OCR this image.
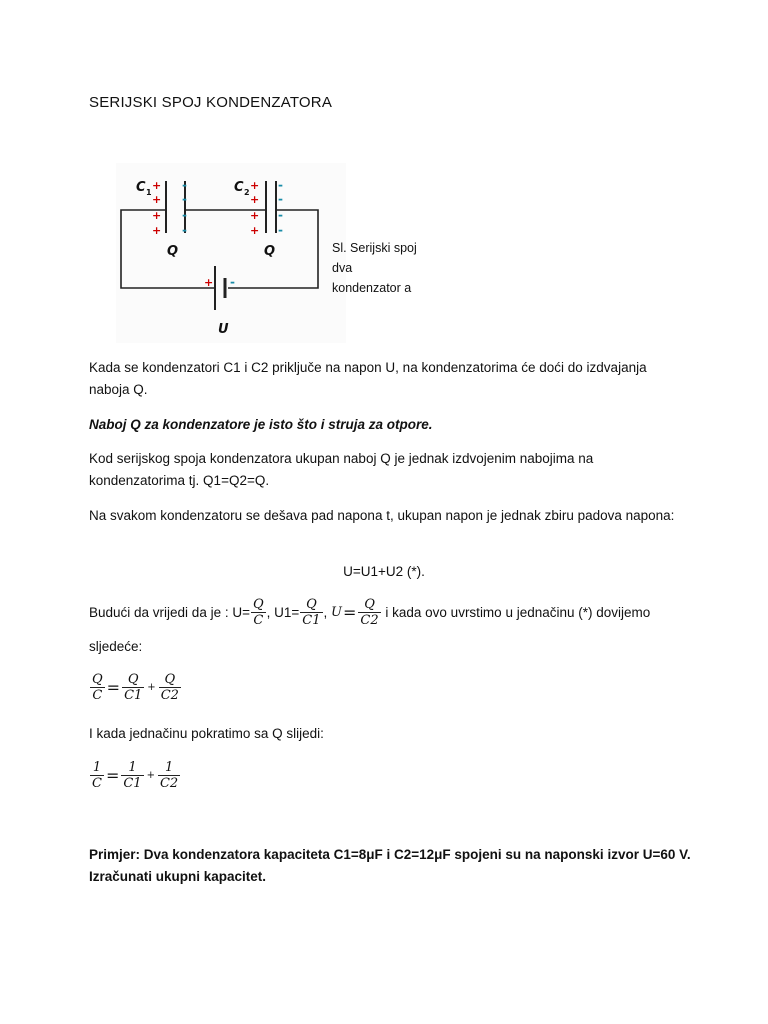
SERIJSKI SPOJ KONDENZATORA
C 1	C 2
+
+
+
+
+
+
+
+
+
-
-
-
-
-
-
-
-
-
Q	Q
U
Sl. Serijski spoj dva kondenzator a
Kada se kondenzatori C1 i C2 priključe na napon U, na kondenzatorima će doći do izdvajanja naboja Q.
Naboj Q za kondenzatore je isto što i struja za otpore.
Kod serijskog spoja kondenzatora ukupan naboj Q je jednak izdvojenim nabojima na kondenzatorima tj. Q1=Q2=Q.
Na svakom kondenzatoru se dešava pad napona t, ukupan napon je jednak zbiru padova napona:
U=U1+U2 (*).
Budući da vrijedi da je : $U= \frac{Q}{C}$ , $U1= \frac{Q}{C1}$ , $U= \frac{Q}{C2}$ i kada ovo uvrstimo u jednačinu (*) dovijemo
sljedeće:
$\frac{Q}{C} = \frac{Q}{C1} + \frac{Q}{C2}$
I kada jednačinu pokratimo sa Q slijedi:
$\frac{1}{C} = \frac{1}{C1} + \frac{1}{C2}$
Primjer: Dva kondenzatora kapaciteta C1=8μF i C2=12μF spojeni su na naponski izvor U=60 V. Izračunati ukupni kapacitet.
